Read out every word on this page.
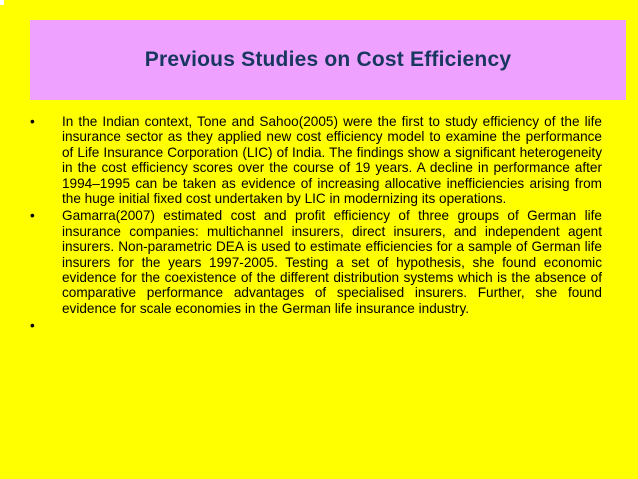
Previous Studies on Cost Efficiency
• In the Indian context, Tone and Sahoo(2005) were the first to study efficiency of the life insurance sector as they applied new cost efficiency model to examine the performance of Life Insurance Corporation (LIC) of India. The findings show a significant heterogeneity in the cost efficiency scores over the course of 19 years. A decline in performance after 1994–1995 can be taken as evidence of increasing allocative inefficiencies arising from the huge initial fixed cost undertaken by LIC in modernizing its operations.
• Gamarra(2007) estimated cost and profit efficiency of three groups of German life insurance companies: multichannel insurers, direct insurers, and independent agent insurers. Non-parametric DEA is used to estimate efficiencies for a sample of German life insurers for the years 1997-2005. Testing a set of hypothesis, she found economic evidence for the coexistence of the different distribution systems which is the absence of comparative performance advantages of specialised insurers. Further, she found evidence for scale economies in the German life insurance industry.
•
